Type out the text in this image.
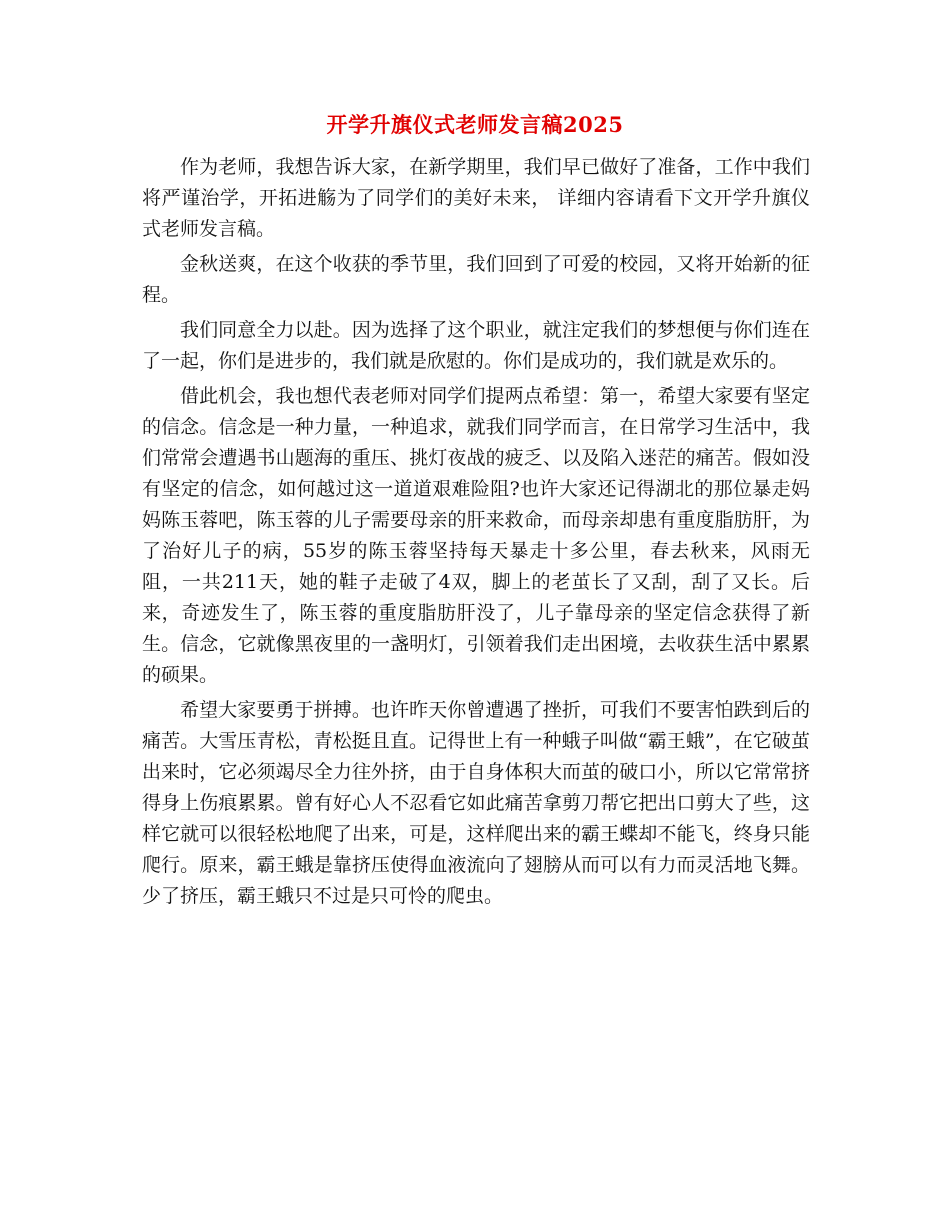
开学升旗仪式老师发言稿2025

作为老师，我想告诉大家，在新学期里，我们早已做好了准备，工作中我们将严谨治学，开拓进觞为了同学们的美好未来， 详细内容请看下文开学升旗仪式老师发言稿。

金秋送爽，在这个收获的季节里，我们回到了可爱的校园，又将开始新的征程。

我们同意全力以赴。因为选择了这个职业，就注定我们的梦想便与你们连在了一起，你们是进步的，我们就是欣慰的。你们是成功的，我们就是欢乐的。

借此机会，我也想代表老师对同学们提两点希望：第一，希望大家要有坚定的信念。信念是一种力量，一种追求，就我们同学而言，在日常学习生活中，我们常常会遭遇书山题海的重压、挑灯夜战的疲乏、以及陷入迷茫的痛苦。假如没有坚定的信念，如何越过这一道道艰难险阻?也许大家还记得湖北的那位暴走妈妈陈玉蓉吧，陈玉蓉的儿子需要母亲的肝来救命，而母亲却患有重度脂肪肝，为了治好儿子的病，55岁的陈玉蓉坚持每天暴走十多公里，春去秋来，风雨无阻，一共211天，她的鞋子走破了4双，脚上的老茧长了又刮，刮了又长。后来，奇迹发生了，陈玉蓉的重度脂肪肝没了，儿子靠母亲的坚定信念获得了新生。信念，它就像黑夜里的一盏明灯，引领着我们走出困境，去收获生活中累累的硕果。

希望大家要勇于拼搏。也许昨天你曾遭遇了挫折，可我们不要害怕跌到后的痛苦。大雪压青松，青松挺且直。记得世上有一种蛾子叫做“霸王蛾”，在它破茧出来时，它必须竭尽全力往外挤，由于自身体积大而茧的破口小，所以它常常挤得身上伤痕累累。曾有好心人不忍看它如此痛苦拿剪刀帮它把出口剪大了些，这样它就可以很轻松地爬了出来，可是，这样爬出来的霸王蝶却不能飞，终身只能爬行。原来，霸王蛾是靠挤压使得血液流向了翅膀从而可以有力而灵活地飞舞。少了挤压，霸王蛾只不过是只可怜的爬虫。
